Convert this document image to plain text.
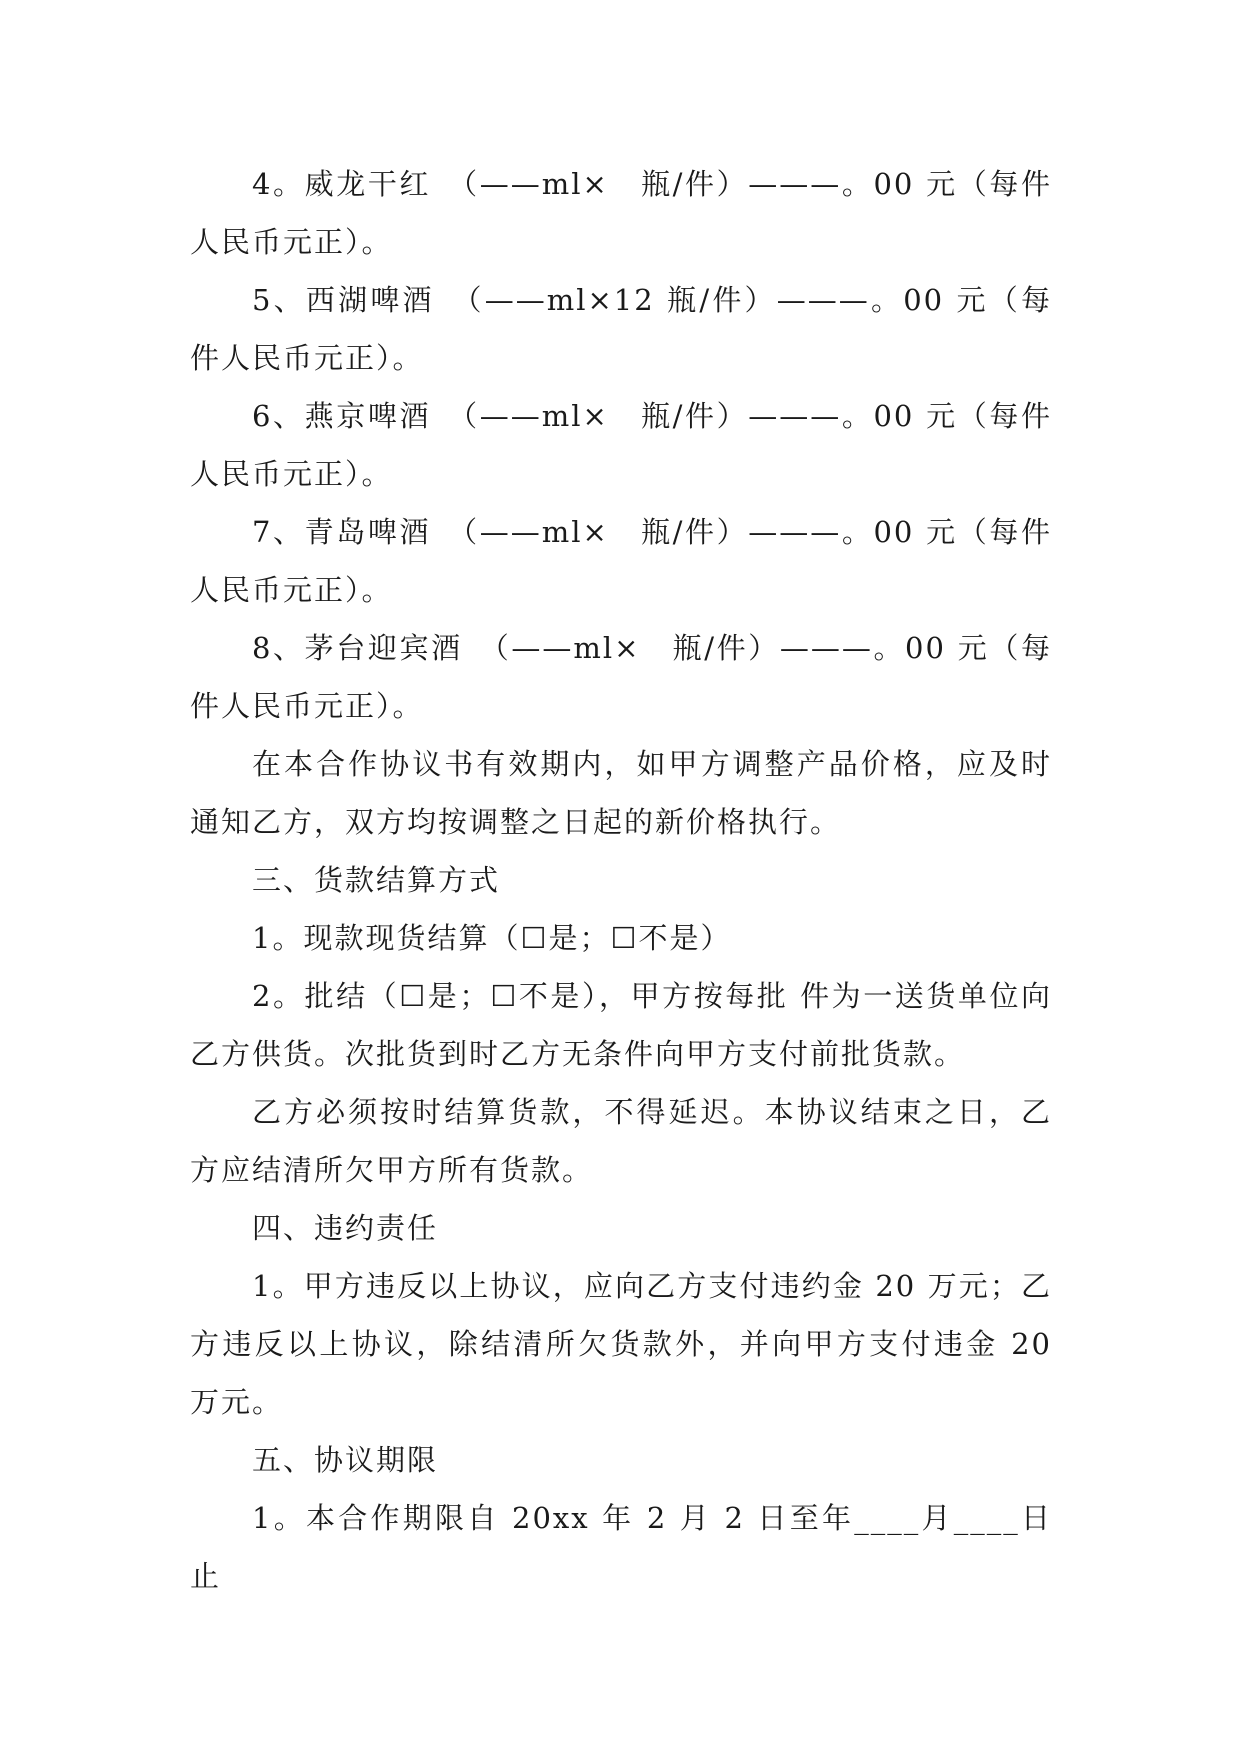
4。威龙干红　（——ml×　瓶/件）———。00 元（每件人民币元正）。

5、西湖啤酒　（——ml×12 瓶/件）———。00 元（每件人民币元正）。

6、燕京啤酒　（——ml×　瓶/件）———。00 元（每件人民币元正）。

7、青岛啤酒　（——ml×　瓶/件）———。00 元（每件人民币元正）。

8、茅台迎宾酒　（——ml×　瓶/件）———。00 元（每件人民币元正）。

在本合作协议书有效期内，如甲方调整产品价格，应及时通知乙方，双方均按调整之日起的新价格执行。

三、货款结算方式

1。现款现货结算（☐是；☐不是）

2。批结（☐是；☐不是），甲方按每批 件为一送货单位向乙方供货。次批货到时乙方无条件向甲方支付前批货款。

乙方必须按时结算货款，不得延迟。本协议结束之日，乙方应结清所欠甲方所有货款。

四、违约责任

1。甲方违反以上协议，应向乙方支付违约金 20 万元；乙方违反以上协议，除结清所欠货款外，并向甲方支付违金 20 万元。

五、协议期限

1。本合作期限自 20xx 年 2 月 2 日至年____月____日止
